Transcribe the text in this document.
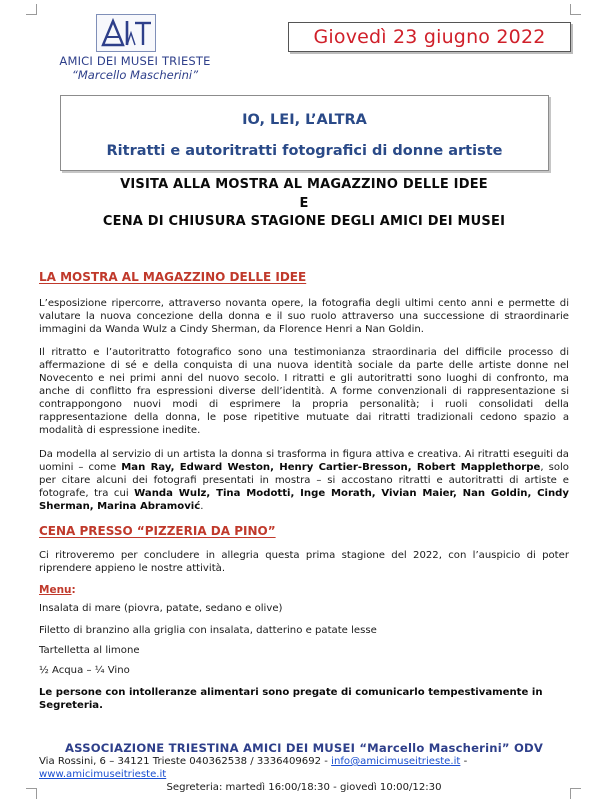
AMICI DEI MUSEI TRIESTE
“Marcello Mascherini”
Giovedì 23 giugno 2022
IO, LEI, L’ALTRA
Ritratti e autoritratti fotografici di donne artiste
VISITA ALLA MOSTRA AL MAGAZZINO DELLE IDEE
E
CENA DI CHIUSURA STAGIONE DEGLI AMICI DEI MUSEI
LA MOSTRA AL MAGAZZINO DELLE IDEE
L’esposizione ripercorre, attraverso novanta opere, la fotografia degli ultimi cento anni e permette di valutare la nuova concezione della donna e il suo ruolo attraverso una successione di straordinarie immagini da Wanda Wulz a Cindy Sherman, da Florence Henri a Nan Goldin.
Il ritratto e l’autoritratto fotografico sono una testimonianza straordinaria del difficile processo di affermazione di sé e della conquista di una nuova identità sociale da parte delle artiste donne nel Novecento e nei primi anni del nuovo secolo. I ritratti e gli autoritratti sono luoghi di confronto, ma anche di conflitto fra espressioni diverse dell’identità. A forme convenzionali di rappresentazione si contrappongono nuovi modi di esprimere la propria personalità; i ruoli consolidati della rappresentazione della donna, le pose ripetitive mutuate dai ritratti tradizionali cedono spazio a modalità di espressione inedite.
Da modella al servizio di un artista la donna si trasforma in figura attiva e creativa. Ai ritratti eseguiti da uomini – come Man Ray, Edward Weston, Henry Cartier-Bresson, Robert Mapplethorpe, solo per citare alcuni dei fotografi presentati in mostra – si accostano ritratti e autoritratti di artiste e fotografe, tra cui Wanda Wulz, Tina Modotti, Inge Morath, Vivian Maier, Nan Goldin, Cindy Sherman, Marina Abramović.
CENA PRESSO “PIZZERIA DA PINO”
Ci ritroveremo per concludere in allegria questa prima stagione del 2022, con l’auspicio di poter riprendere appieno le nostre attività.
Menu:
Insalata di mare (piovra, patate, sedano e olive)
Filetto di branzino alla griglia con insalata, datterino e patate lesse
Tartelletta al limone
½ Acqua – ¼ Vino
Le persone con intolleranze alimentari sono pregate di comunicarlo tempestivamente in Segreteria.
ASSOCIAZIONE TRIESTINA AMICI DEI MUSEI “Marcello Mascherini” ODV
Via Rossini, 6 – 34121 Trieste 040362538 / 3336409692 - info@amicimuseitrieste.it -
www.amicimuseitrieste.it
Segreteria: martedì 16:00/18:30 - giovedì 10:00/12:30
